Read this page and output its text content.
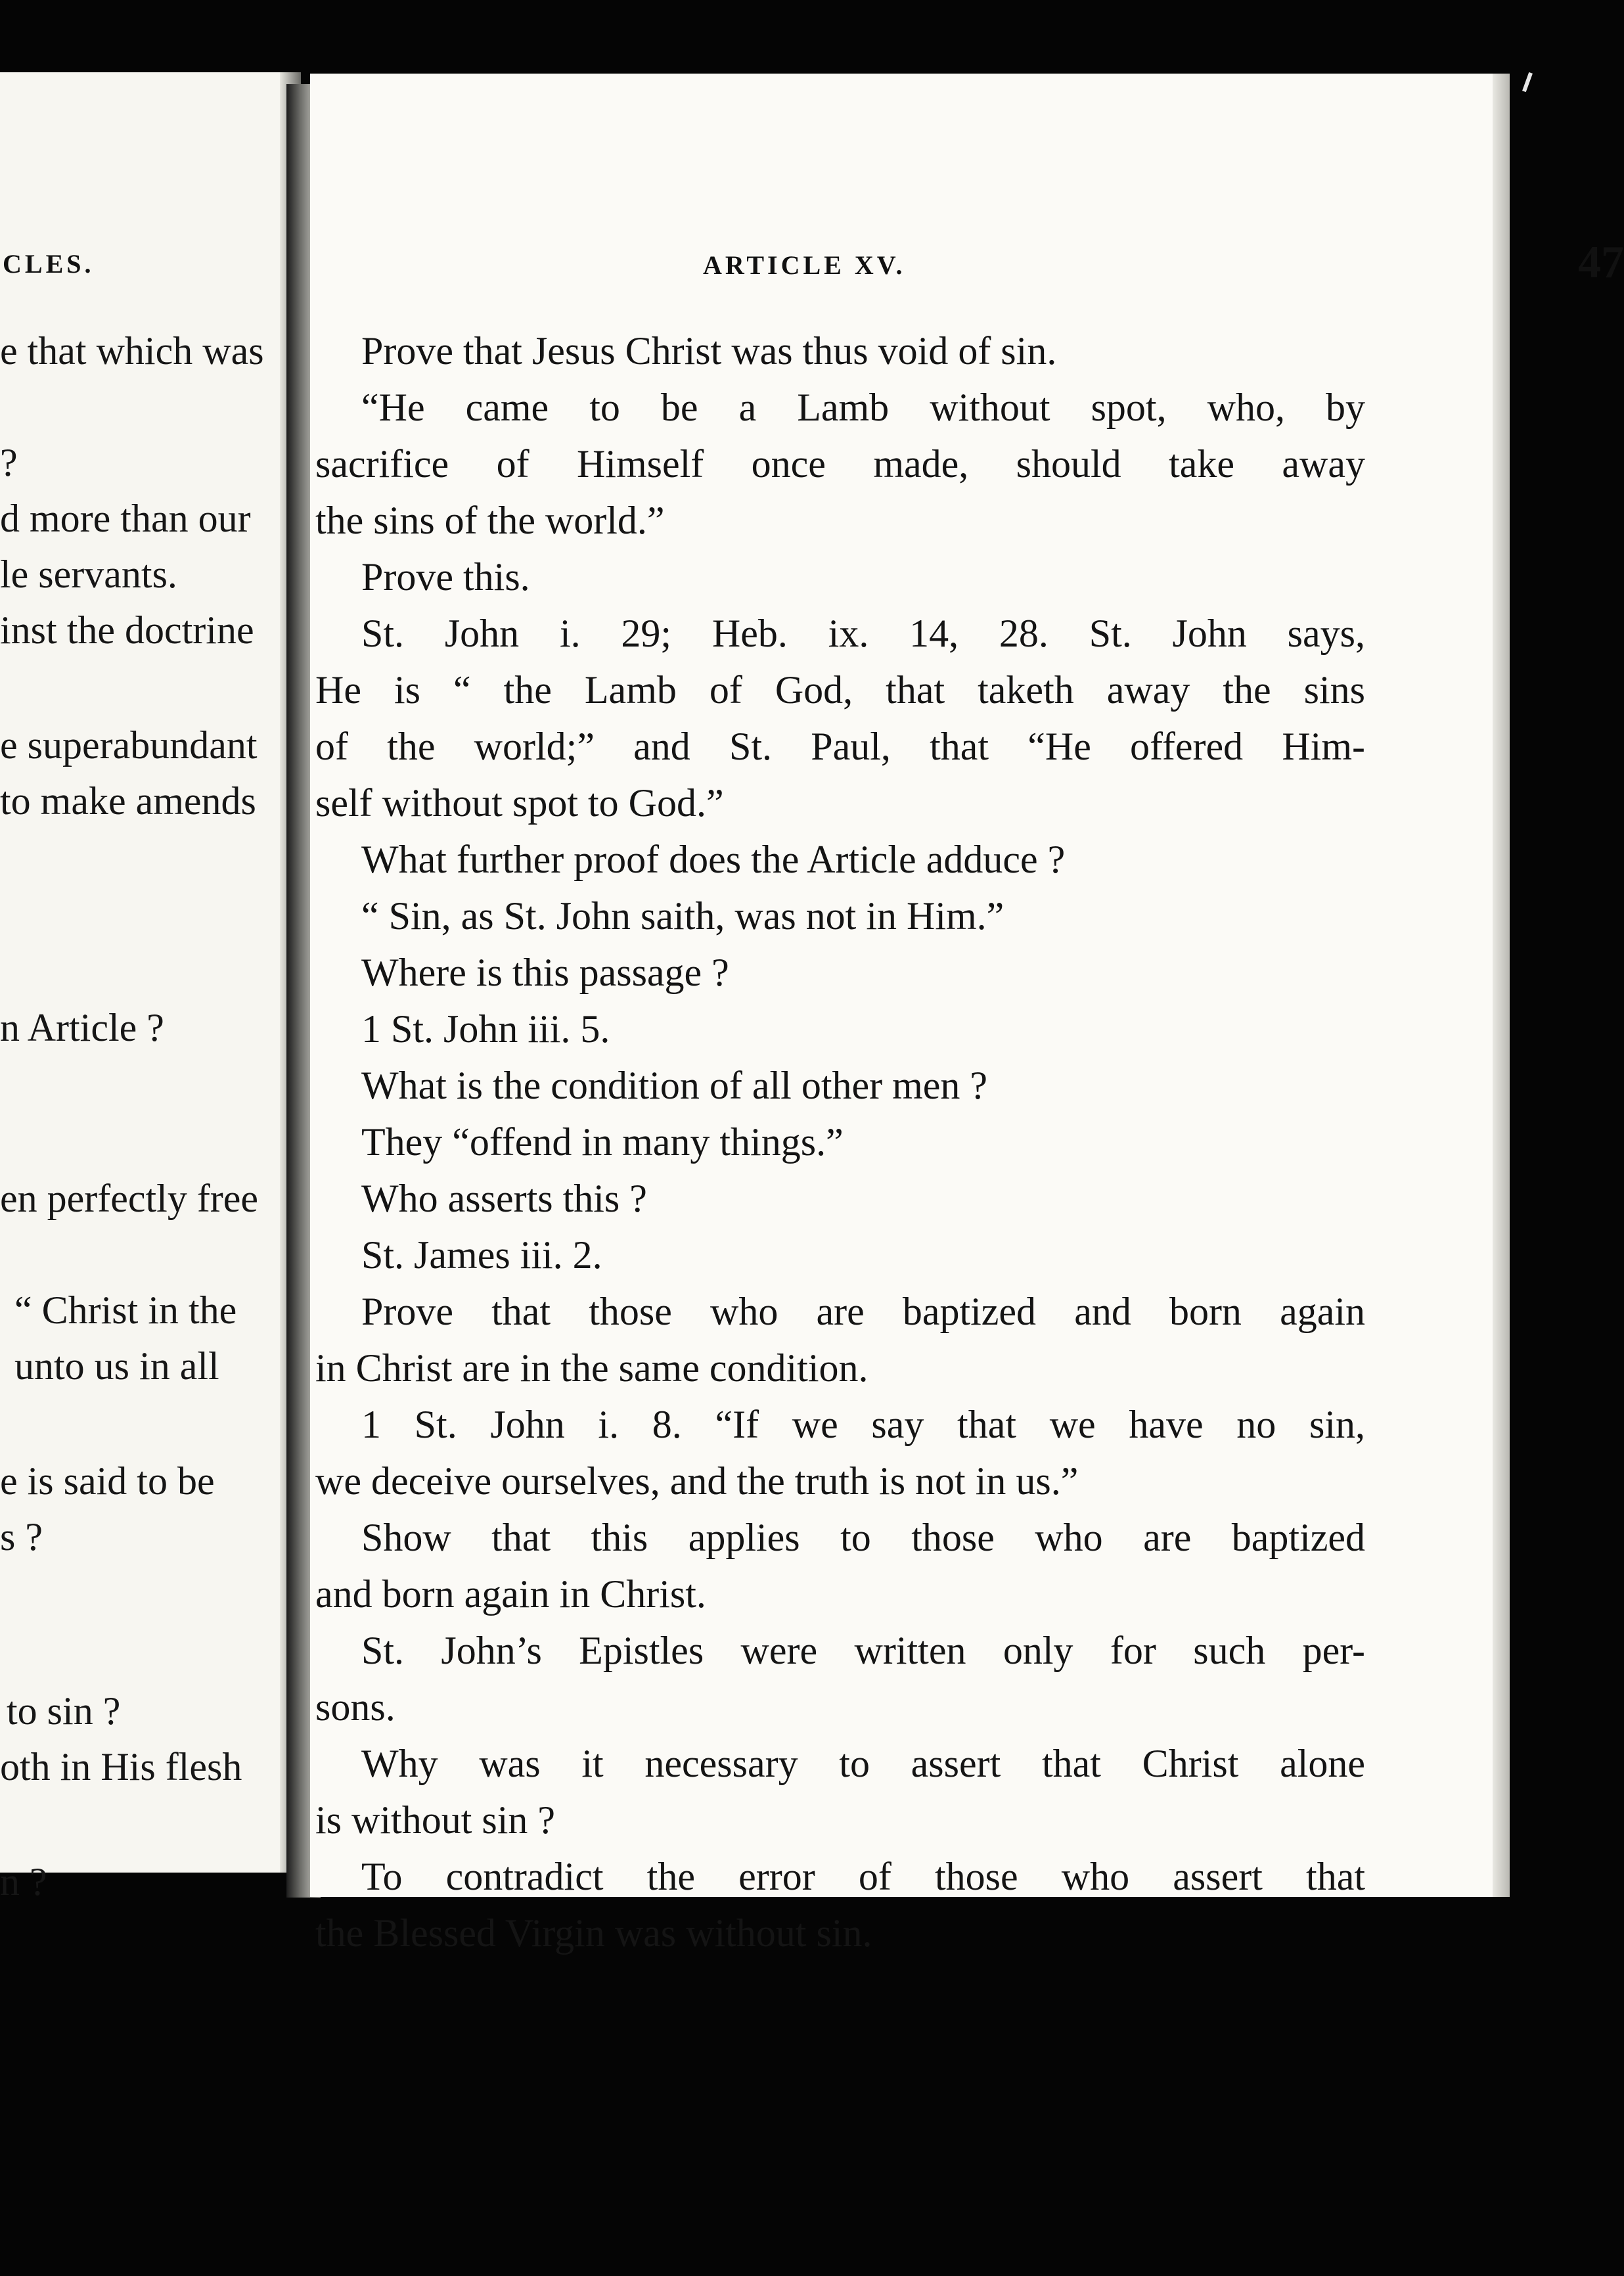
CLES.
e that which was
?
d more than our
le servants.
inst the doctrine
e superabundant
to make amends
n Article ?
en perfectly free
“ Christ in the
unto us in all
e is said to be
s ?
to sin ?
oth in His flesh
n ?
ARTICLE XV.	47
Prove that Jesus Christ was thus void of sin.
“He came to be a Lamb without spot, who, by
sacrifice of Himself once made, should take away
the sins of the world.”
Prove this.
St. John i. 29; Heb. ix. 14, 28. St. John says,
He is “ the Lamb of God, that taketh away the sins
of the world;” and St. Paul, that “He offered Him-
self without spot to God.”
What further proof does the Article adduce ?
“ Sin, as St. John saith, was not in Him.”
Where is this passage ?
1 St. John iii. 5.
What is the condition of all other men ?
They “offend in many things.”
Who asserts this ?
St. James iii. 2.
Prove that those who are baptized and born again
in Christ are in the same condition.
1 St. John i. 8. “If we say that we have no sin,
we deceive ourselves, and the truth is not in us.”
Show that this applies to those who are baptized
and born again in Christ.
St. John’s Epistles were written only for such per-
sons.
Why was it necessary to assert that Christ alone
is without sin ?
To contradict the error of those who assert that
the Blessed Virgin was without sin.
